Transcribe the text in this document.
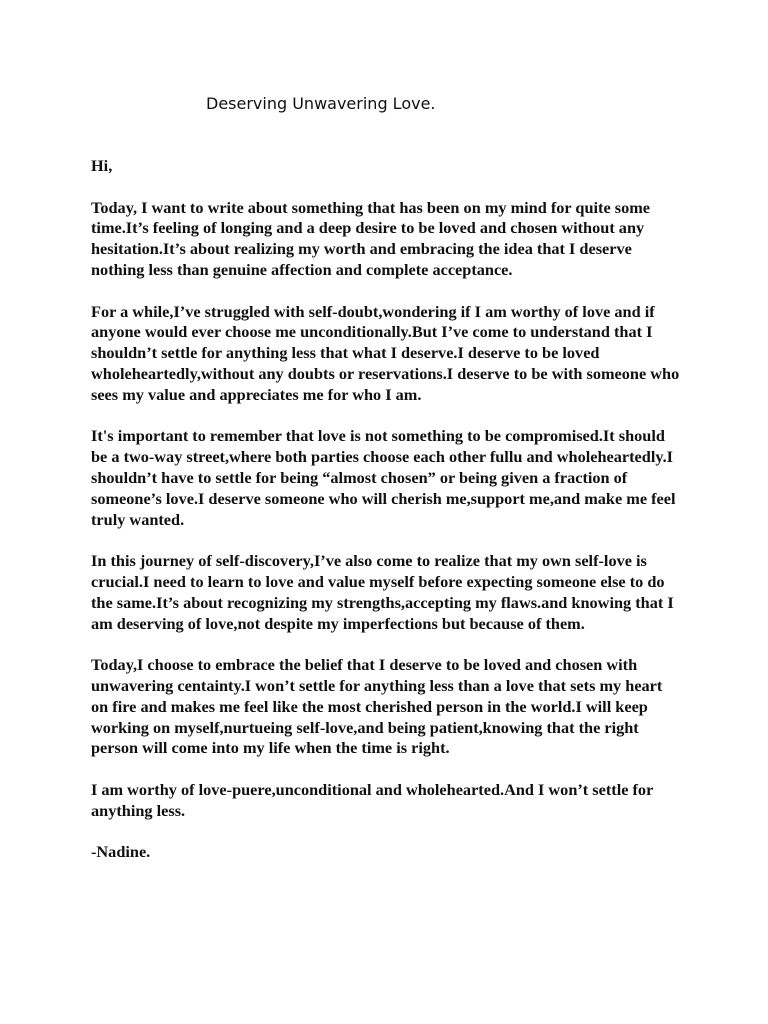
Deserving Unwavering Love.

Hi,

Today, I want to write about something that has been on my mind for quite some time.It’s feeling of longing and a deep desire to be loved and chosen without any hesitation.It’s about realizing my worth and embracing the idea that I deserve nothing less than genuine affection and complete acceptance.

For a while,I’ve struggled with self-doubt,wondering if I am worthy of love and if anyone would ever choose me unconditionally.But I’ve come to understand that I shouldn’t settle for anything less that what I deserve.I deserve to be loved wholeheartedly,without any doubts or reservations.I deserve to be with someone who sees my value and appreciates me for who I am.

It's important to remember that love is not something to be compromised.It should be a two-way street,where both parties choose each other fullu and wholeheartedly.I shouldn’t have to settle for being “almost chosen” or being given a fraction of someone’s love.I deserve someone who will cherish me,support me,and make me feel truly wanted.

In this journey of self-discovery,I’ve also come to realize that my own self-love is crucial.I need to learn to love and value myself before expecting someone else to do the same.It’s about recognizing my strengths,accepting my flaws.and knowing that I am deserving of love,not despite my imperfections but because of them.

Today,I choose to embrace the belief that I deserve to be loved and chosen with unwavering centainty.I won’t settle for anything less than a love that sets my heart on fire and makes me feel like the most cherished person in the world.I will keep working on myself,nurtueing self-love,and being patient,knowing that the right person will come into my life when the time is right.

I am worthy of love-puere,unconditional and wholehearted.And I won’t settle for anything less.

-Nadine.
